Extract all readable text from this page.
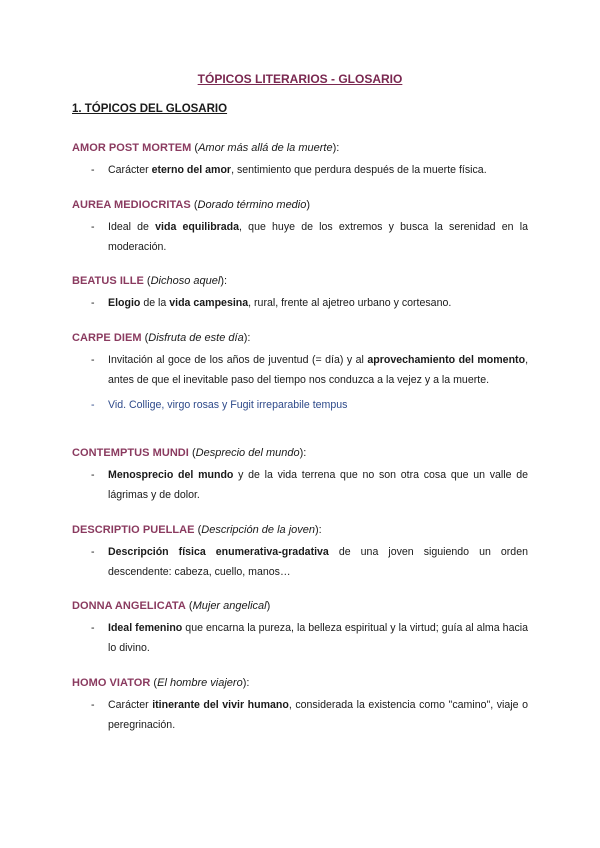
TÓPICOS LITERARIOS - GLOSARIO
1. TÓPICOS DEL GLOSARIO
AMOR POST MORTEM (Amor más allá de la muerte):
- Carácter eterno del amor, sentimiento que perdura después de la muerte física.
AUREA MEDIOCRITAS (Dorado término medio)
- Ideal de vida equilibrada, que huye de los extremos y busca la serenidad en la moderación.
BEATUS ILLE (Dichoso aquel):
- Elogio de la vida campesina, rural, frente al ajetreo urbano y cortesano.
CARPE DIEM (Disfruta de este día):
- Invitación al goce de los años de juventud (= día) y al aprovechamiento del momento, antes de que el inevitable paso del tiempo nos conduzca a la vejez y a la muerte.
- Vid. Collige, virgo rosas y Fugit irreparabile tempus
CONTEMPTUS MUNDI (Desprecio del mundo):
- Menosprecio del mundo y de la vida terrena que no son otra cosa que un valle de lágrimas y de dolor.
DESCRIPTIO PUELLAE (Descripción de la joven):
- Descripción física enumerativa-gradativa de una joven siguiendo un orden descendente: cabeza, cuello, manos…
DONNA ANGELICATA (Mujer angelical)
- Ideal femenino que encarna la pureza, la belleza espiritual y la virtud; guía al alma hacia lo divino.
HOMO VIATOR (El hombre viajero):
- Carácter itinerante del vivir humano, considerada la existencia como "camino", viaje o peregrinación.
